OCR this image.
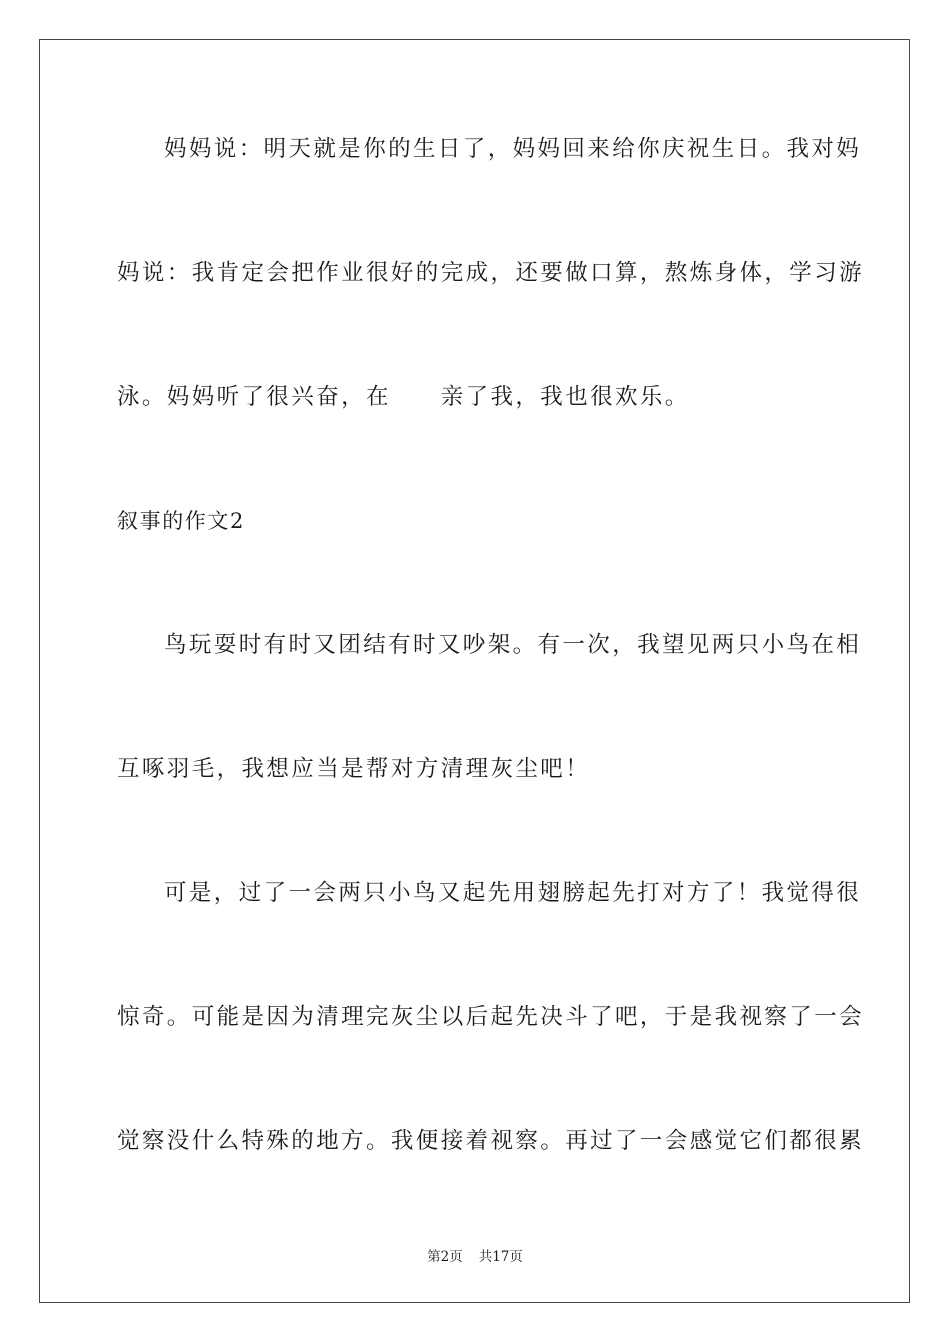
妈妈说：明天就是你的生日了，妈妈回来给你庆祝生日。我对妈
妈说：我肯定会把作业很好的完成，还要做口算，熬炼身体，学习游
泳。妈妈听了很兴奋，在　　亲了我，我也很欢乐。
叙事的作文2
鸟玩耍时有时又团结有时又吵架。有一次，我望见两只小鸟在相
互啄羽毛，我想应当是帮对方清理灰尘吧！
可是，过了一会两只小鸟又起先用翅膀起先打对方了！我觉得很
惊奇。可能是因为清理完灰尘以后起先决斗了吧，于是我视察了一会
觉察没什么特殊的地方。我便接着视察。再过了一会感觉它们都很累
第2页 共17页
